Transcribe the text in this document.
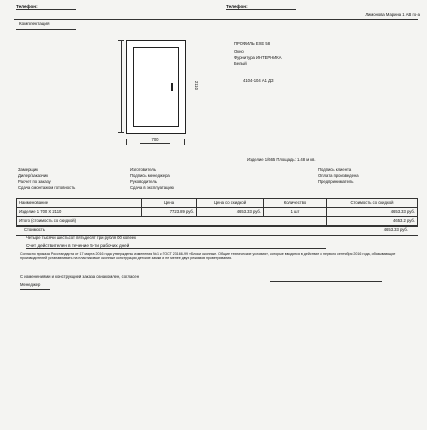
Телефон:	Телефон:
Лимонова Марина 1 АВ го-а
Комплектация
2110
700
ПРОФИЛЬ ЕХЕ 58
Окно
Фурнитура ИНТЕРНИКА
Белый
4104-104 А1 ДЗ
Изделие 1/665 Площадь: 1.48 м кв.
Замерщик
Дилер/заказчик
Расчет по заказу
Сдача смонтажом готовность
Изготовитель
Подпись менеджера
Руководитель
Сдача в эксплуатацию
Подпись клиента
Оплата произведена
Предприниматель
Наименование	Цена	Цена со скидкой	Количество	Стоимость со скидкой
Изделие 1 700 Х 2110	7723.89 руб.	4653.33 руб.	1 шт	4653.33 руб.
Итого (стоимость со скидкой)				4653.2 руб.
Стоимость	4653.33 руб.
Четыре тысячи шестьсот пятьдесят три рубля 00 копеек
Счет действителен в течение 5-ти рабочих дней
Согласно приказа Росстандарта от 17 марта 2016 года утверждены изменения №1 к ГОСТ 23166-99 «Блоки оконные. Общие технические условия», которые вводятся в действие с первого сентября 2016 года, обязывающие производителей устанавливать на пластиковые оконные конструкции детские замки и не менее двух режимов проветривания.
С изменениями и конструкцией заказа ознакомлен, согласен
Менеджер
